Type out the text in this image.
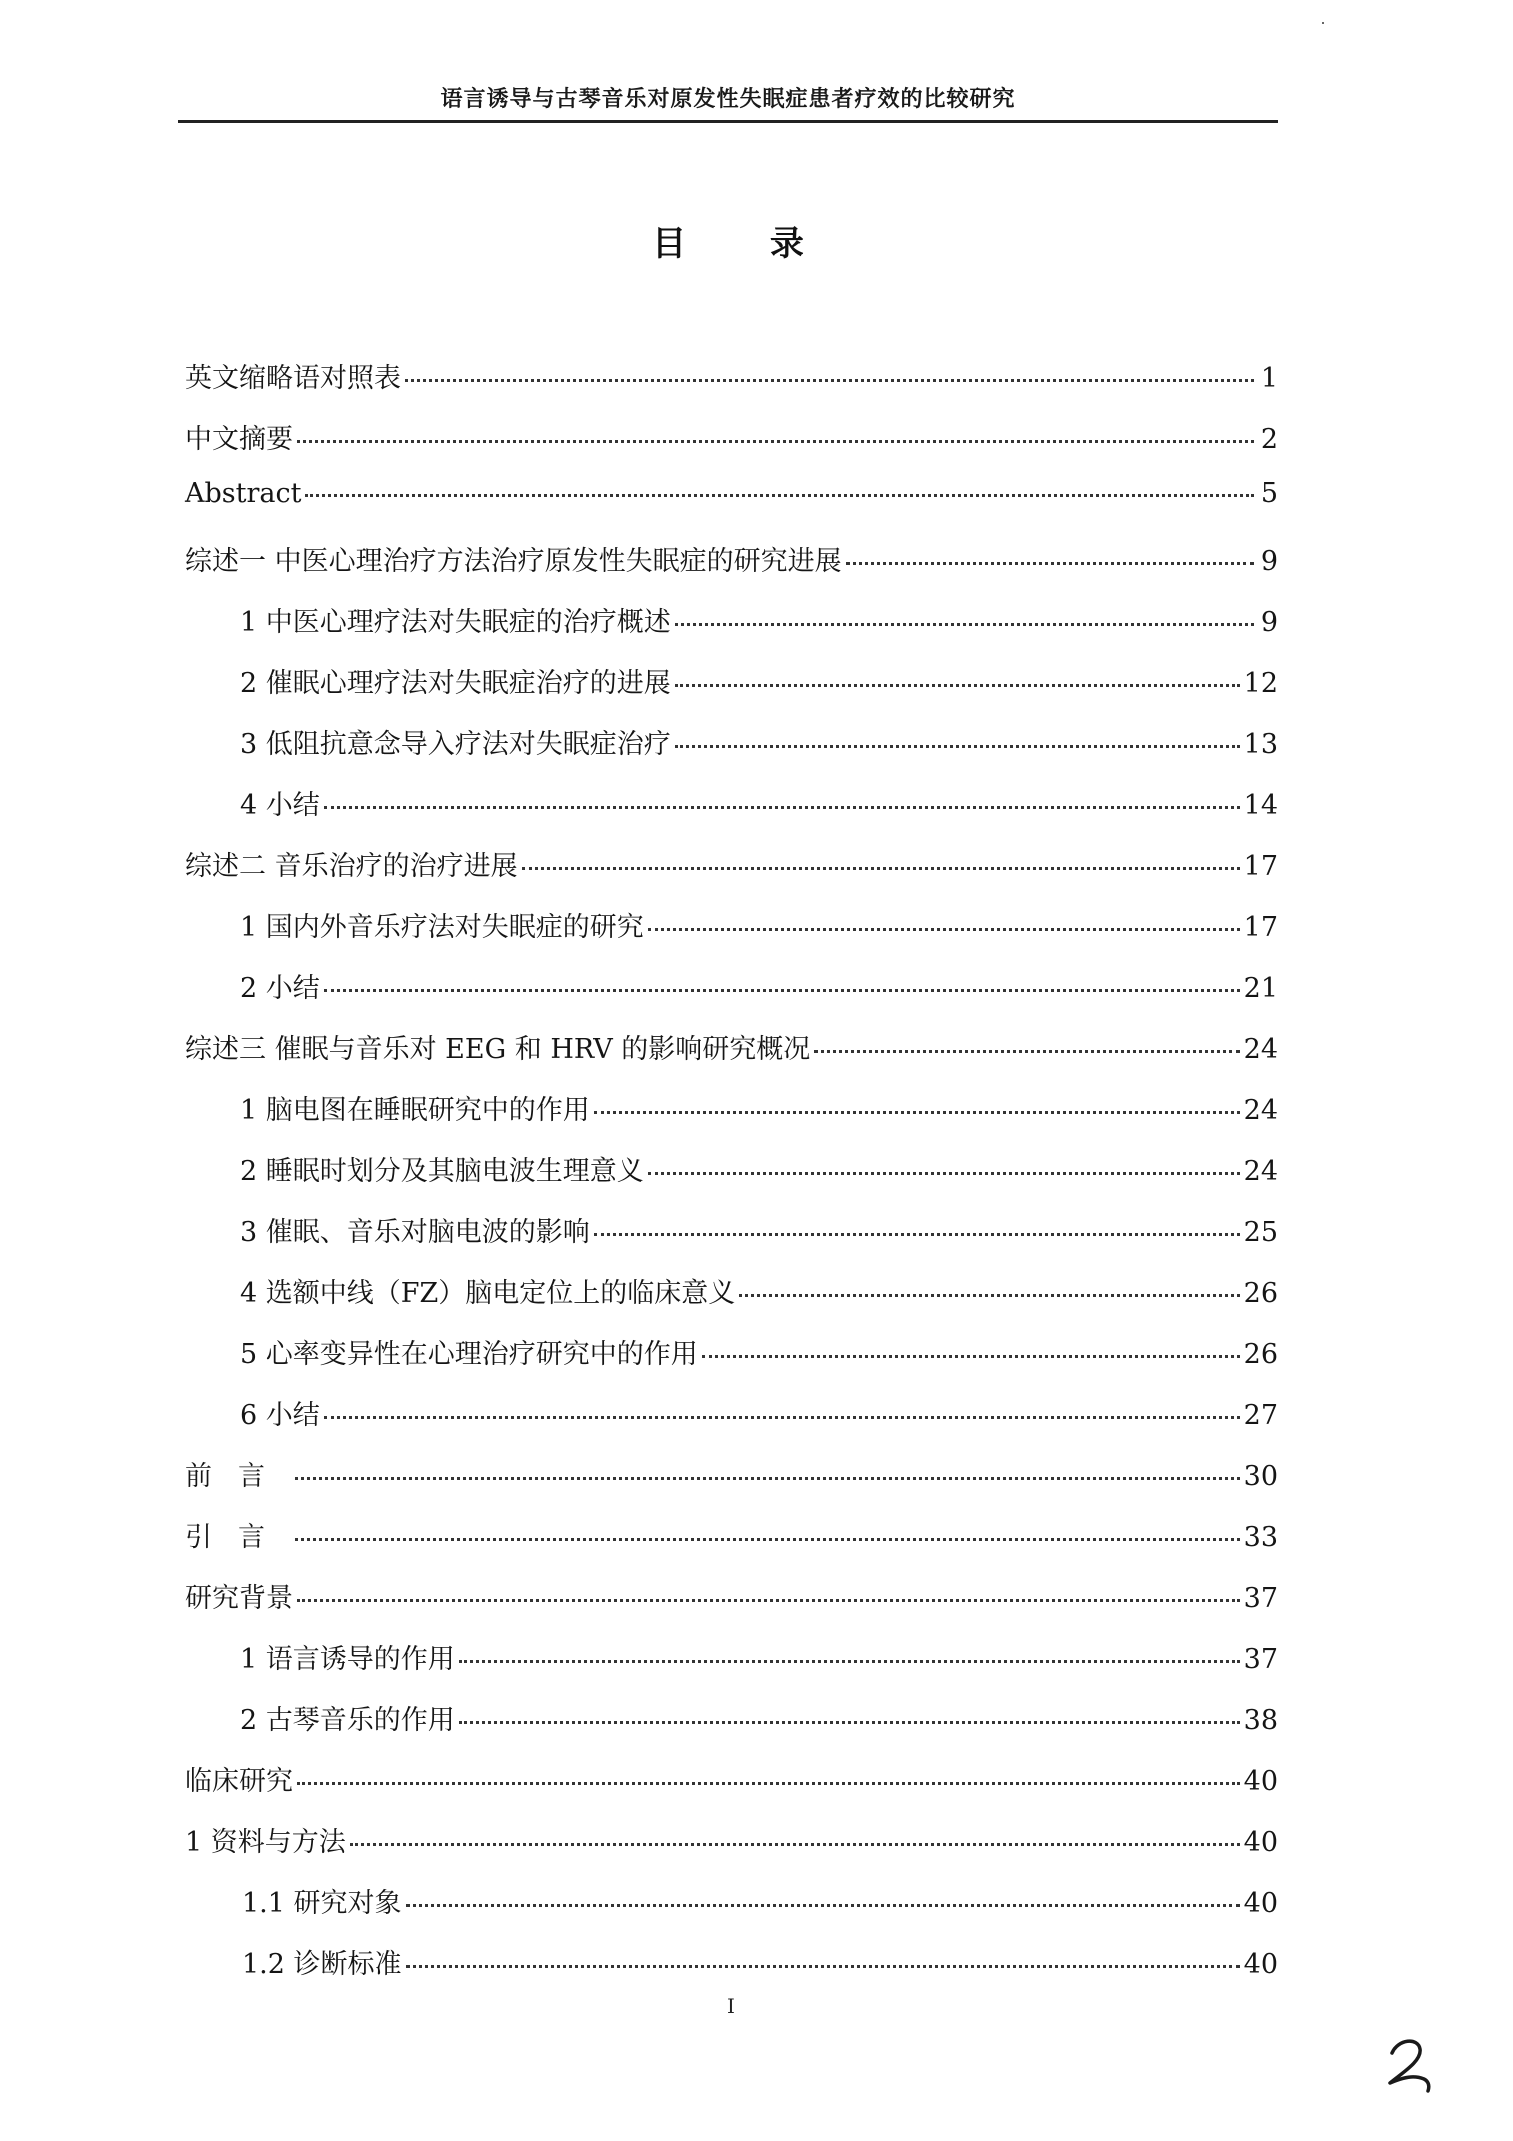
语言诱导与古琴音乐对原发性失眠症患者疗效的比较研究
目 录
英文缩略语对照表	1
中文摘要	2
Abstract	5
综述一 中医心理治疗方法治疗原发性失眠症的研究进展	9
1 中医心理疗法对失眠症的治疗概述	9
2 催眠心理疗法对失眠症治疗的进展	12
3 低阻抗意念导入疗法对失眠症治疗	13
4 小结	14
综述二 音乐治疗的治疗进展	17
1 国内外音乐疗法对失眠症的研究	17
2 小结	21
综述三 催眠与音乐对 EEG 和 HRV 的影响研究概况	24
1 脑电图在睡眠研究中的作用	24
2 睡眠时划分及其脑电波生理意义	24
3 催眠、音乐对脑电波的影响	25
4 选额中线（FZ）脑电定位上的临床意义	26
5 心率变异性在心理治疗研究中的作用	26
6 小结	27
前言	30
引言	33
研究背景	37
1 语言诱导的作用	37
2 古琴音乐的作用	38
临床研究	40
1 资料与方法	40
1.1 研究对象	40
1.2 诊断标准	40
I
